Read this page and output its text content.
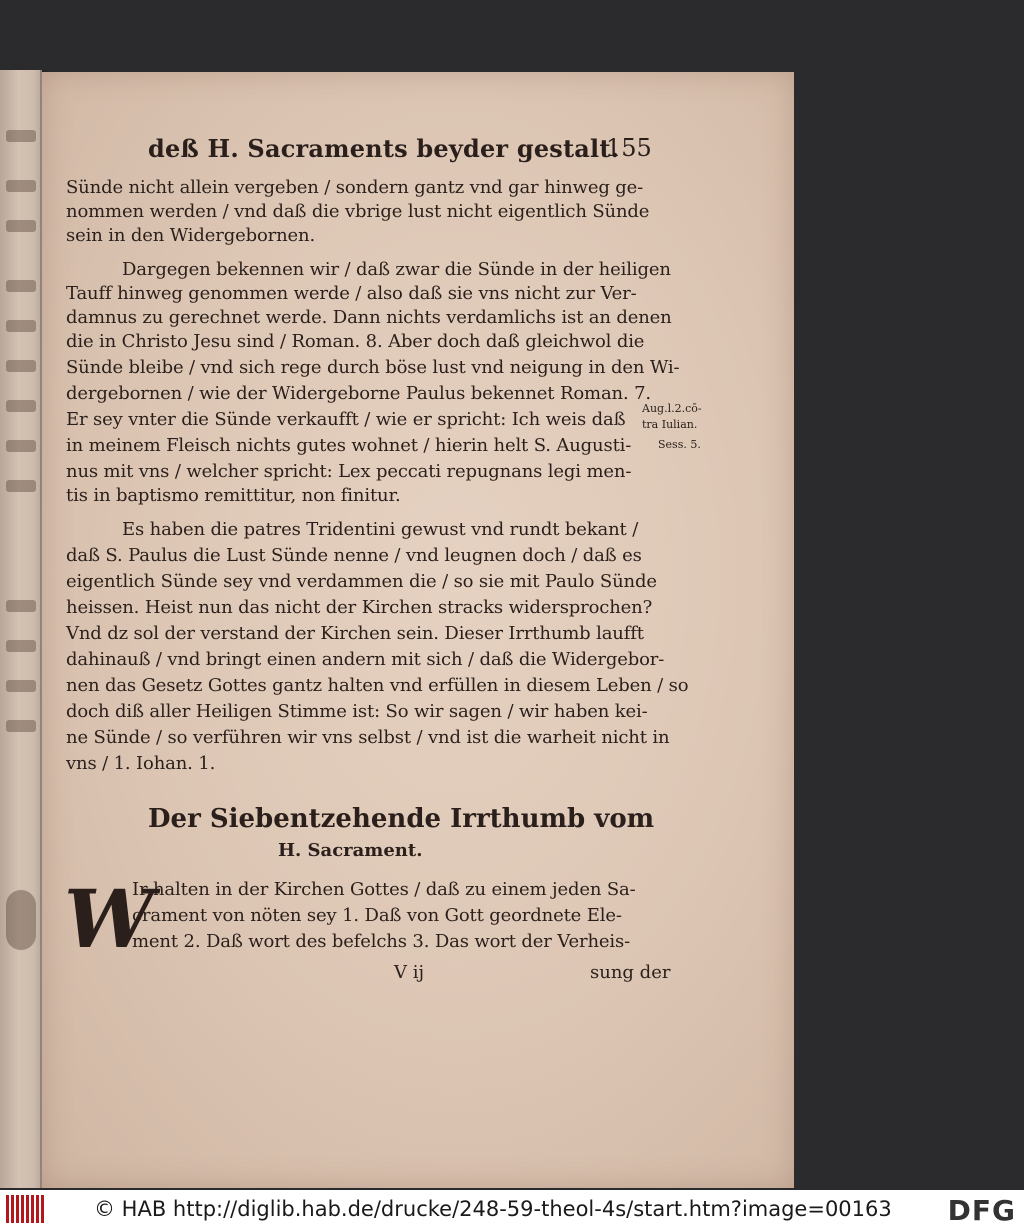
deß H. Sacraments beyder gestalt.
155
Sünde nicht allein vergeben / sondern gantz vnd gar hinweg ge-
nommen werden / vnd daß die vbrige lust nicht eigentlich Sünde
sein in den Widergebornen.
Dargegen bekennen wir / daß zwar die Sünde in der heiligen
Tauff hinweg genommen werde / also daß sie vns nicht zur Ver-
damnus zu gerechnet werde. Dann nichts verdamlichs ist an denen
die in Christo Jesu sind / Roman. 8. Aber doch daß gleichwol die
Sünde bleibe / vnd sich rege durch böse lust vnd neigung in den Wi-
dergebornen / wie der Widergeborne Paulus bekennet Roman. 7.
Er sey vnter die Sünde verkaufft / wie er spricht: Ich weis daß
in meinem Fleisch nichts gutes wohnet / hierin helt S. Augusti-
nus mit vns / welcher spricht: Lex peccati repugnans legi men-
tis in baptismo remittitur, non finitur.
Aug.l.2.cō-
tra Iulian.
Sess. 5.
Es haben die patres Tridentini gewust vnd rundt bekant /
daß S. Paulus die Lust Sünde nenne / vnd leugnen doch / daß es
eigentlich Sünde sey vnd verdammen die / so sie mit Paulo Sünde
heissen. Heist nun das nicht der Kirchen stracks widersprochen?
Vnd dz sol der verstand der Kirchen sein. Dieser Irrthumb laufft
dahinauß / vnd bringt einen andern mit sich / daß die Widergebor-
nen das Gesetz Gottes gantz halten vnd erfüllen in diesem Leben / so
doch diß aller Heiligen Stimme ist: So wir sagen / wir haben kei-
ne Sünde / so verführen wir vns selbst / vnd ist die warheit nicht in
vns / 1. Iohan. 1.
Der Siebentzehende Irrthumb vom
H. Sacrament.
W
Ir halten in der Kirchen Gottes / daß zu einem jeden Sa-
crament von nöten sey 1. Daß von Gott geordnete Ele-
ment 2. Daß wort des befelchs 3. Das wort der Verheis-
V ij	sung der
© HAB http://diglib.hab.de/drucke/248-59-theol-4s/start.htm?image=00163 DFG
